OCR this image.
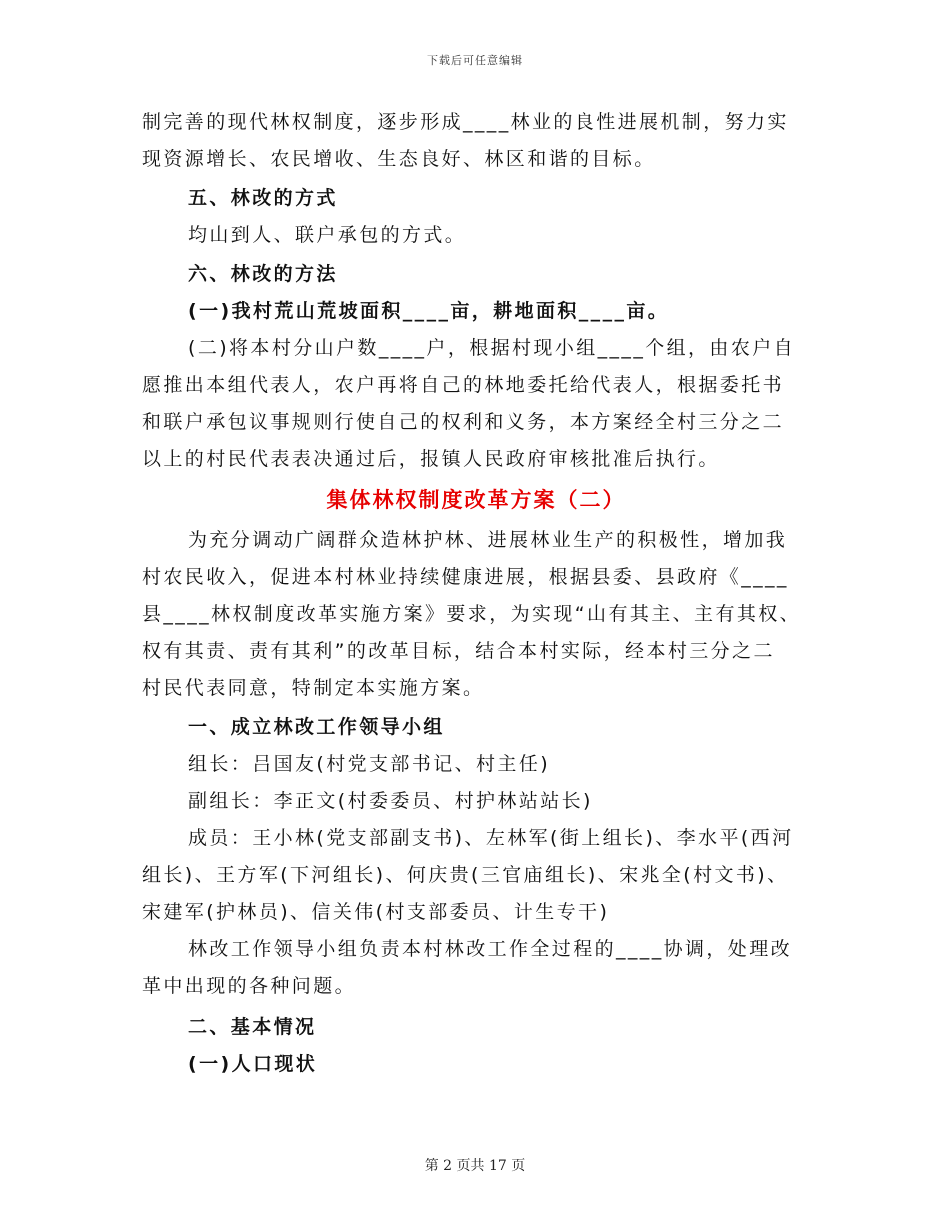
下载后可任意编辑

制完善的现代林权制度，逐步形成____林业的良性进展机制，努力实

现资源增长、农民增收、生态良好、林区和谐的目标。

五、林改的方式

均山到人、联户承包的方式。

六、林改的方法

(一)我村荒山荒坡面积____亩，耕地面积____亩。

(二)将本村分山户数____户，根据村现小组____个组，由农户自

愿推出本组代表人，农户再将自己的林地委托给代表人，根据委托书

和联户承包议事规则行使自己的权利和义务，本方案经全村三分之二

以上的村民代表表决通过后，报镇人民政府审核批准后执行。

集体林权制度改革方案（二）

为充分调动广阔群众造林护林、进展林业生产的积极性，增加我

村农民收入，促进本村林业持续健康进展，根据县委、县政府《____

县____林权制度改革实施方案》要求，为实现“山有其主、主有其权、

权有其责、责有其利”的改革目标，结合本村实际，经本村三分之二

村民代表同意，特制定本实施方案。

一、成立林改工作领导小组

组长：吕国友(村党支部书记、村主任)

副组长：李正文(村委委员、村护林站站长)

成员：王小林(党支部副支书)、左林军(街上组长)、李水平(西河

组长)、王方军(下河组长)、何庆贵(三官庙组长)、宋兆全(村文书)、

宋建军(护林员)、信关伟(村支部委员、计生专干)

林改工作领导小组负责本村林改工作全过程的____协调，处理改

革中出现的各种问题。

二、基本情况

(一)人口现状

第 2 页共 17 页
